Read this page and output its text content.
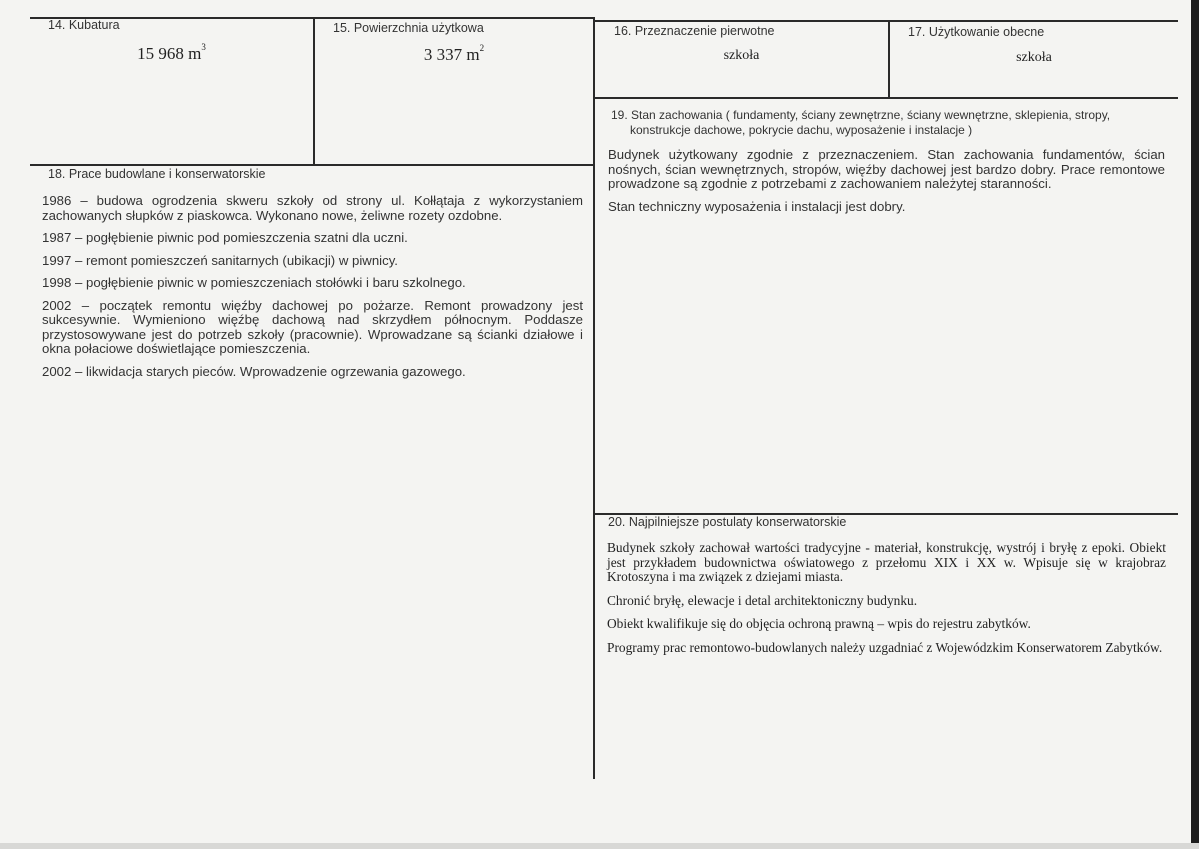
14. Kubatura
15 968 $m^3$
15. Powierzchnia użytkowa
3 337 $m^2$
16. Przeznaczenie pierwotne
szkoła
17. Użytkowanie obecne
szkoła
18. Prace budowlane i konserwatorskie

1986 – budowa ogrodzenia skweru szkoły od strony ul. Kołłątaja z wykorzystaniem zachowanych słupków z piaskowca. Wykonano nowe, żeliwne rozety ozdobne.

1987 – pogłębienie piwnic pod pomieszczenia szatni dla uczni.

1997 – remont pomieszczeń sanitarnych (ubikacji) w piwnicy.

1998 – pogłębienie piwnic w pomieszczeniach stołówki i baru szkolnego.

2002 – początek remontu więźby dachowej po pożarze. Remont prowadzony jest sukcesywnie. Wymieniono więźbę dachową nad skrzydłem północnym. Poddasze przystosowywane jest do potrzeb szkoły (pracownie). Wprowadzane są ścianki działowe i okna połaciowe doświetlające pomieszczenia.

2002 – likwidacja starych pieców. Wprowadzenie ogrzewania gazowego.

19. Stan zachowania ( fundamenty, ściany zewnętrzne, ściany wewnętrzne, sklepienia, stropy,
konstrukcje dachowe, pokrycie dachu, wyposażenie i instalacje )

Budynek użytkowany zgodnie z przeznaczeniem. Stan zachowania fundamentów, ścian nośnych, ścian wewnętrznych, stropów, więźby dachowej jest bardzo dobry. Prace remontowe prowadzone są zgodnie z potrzebami z zachowaniem należytej staranności.

Stan techniczny wyposażenia i instalacji jest dobry.

20. Najpilniejsze postulaty konserwatorskie

Budynek szkoły zachował wartości tradycyjne - materiał, konstrukcję, wystrój i bryłę z epoki. Obiekt jest przykładem budownictwa oświatowego z przełomu XIX i XX w. Wpisuje się w krajobraz Krotoszyna i ma związek z dziejami miasta.

Chronić bryłę, elewacje i detal architektoniczny budynku.

Obiekt kwalifikuje się do objęcia ochroną prawną – wpis do rejestru zabytków.

Programy prac remontowo-budowlanych należy uzgadniać z Wojewódzkim Konserwatorem Zabytków.
